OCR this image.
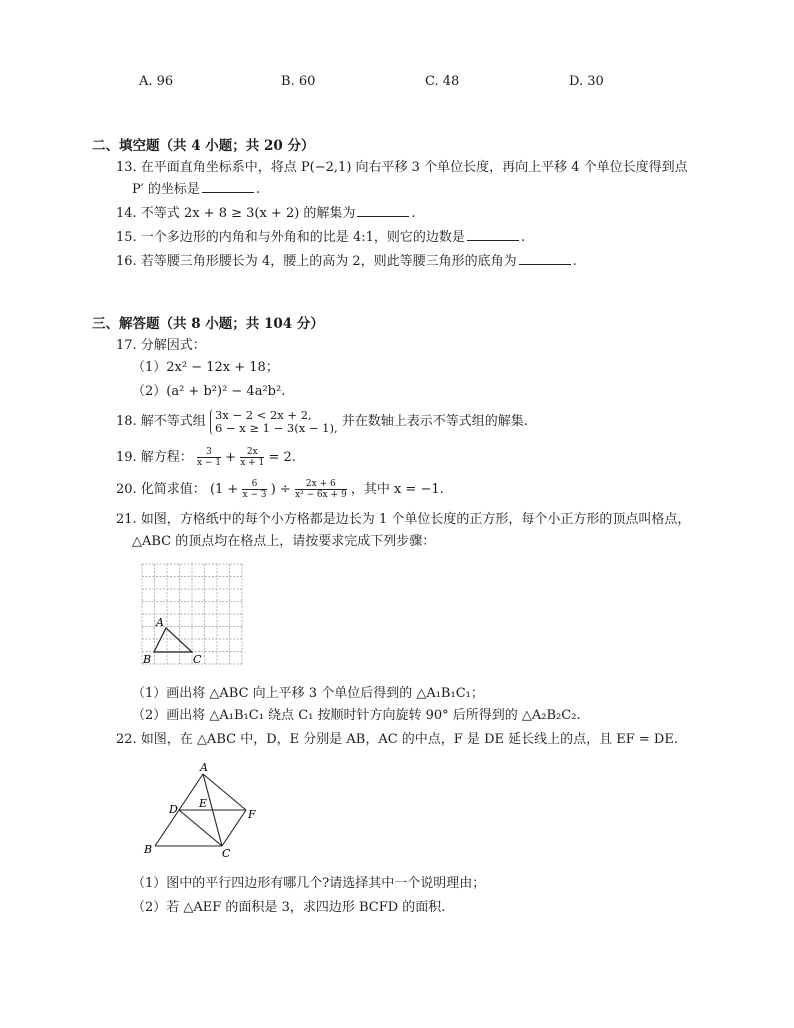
A. 96	B. 60	C. 48	D. 30
二、填空题（共 4 小题；共 20 分）
13. 在平面直角坐标系中，将点 P(−2,1) 向右平移 3 个单位长度，再向上平移 4 个单位长度得到点
P′ 的坐标是	.
14. 不等式 2x + 8 ≥ 3(x + 2) 的解集为	.
15. 一个多边形的内角和与外角和的比是 4:1，则它的边数是	.
16. 若等腰三角形腰长为 4，腰上的高为 2，则此等腰三角形的底角为	.
三、解答题（共 8 小题；共 104 分）
17. 分解因式：
（1）2x² − 12x + 18；
（2）(a² + b²)² − 4a²b².
18. 解不等式组 3x − 2 < 2x + 2,
6 − x ≥ 1 − 3(x − 1), 并在数轴上表示不等式组的解集.
19. 解方程： $\frac{3}{x - 1} + \frac{2x}{x + 1} = 2$.
20. 化简求值： ($1 + \frac{6}{x - 3}$ ) ÷ $\frac{2x + 6}{\text{x² − 6x + 9}}$ ，其中 x = −1.
21. 如图，方格纸中的每个小方格都是边长为 1 个单位长度的正方形，每个小正方形的顶点叫格点，
△ABC 的顶点均在格点上，请按要求完成下列步骤：
A
B	C
（1）画出将 △ABC 向上平移 3 个单位后得到的 △A₁B₁C₁；
（2）画出将 △A₁B₁C₁ 绕点 C₁ 按顺时针方向旋转 90° 后所得到的 △A₂B₂C₂.
22. 如图，在 △ABC 中，D，E 分别是 AB，AC 的中点，F 是 DE 延长线上的点，且 EF = DE.
A
B	C
D E
F
（1）图中的平行四边形有哪几个?请选择其中一个说明理由；
（2）若 △AEF 的面积是 3，求四边形 BCFD 的面积.
